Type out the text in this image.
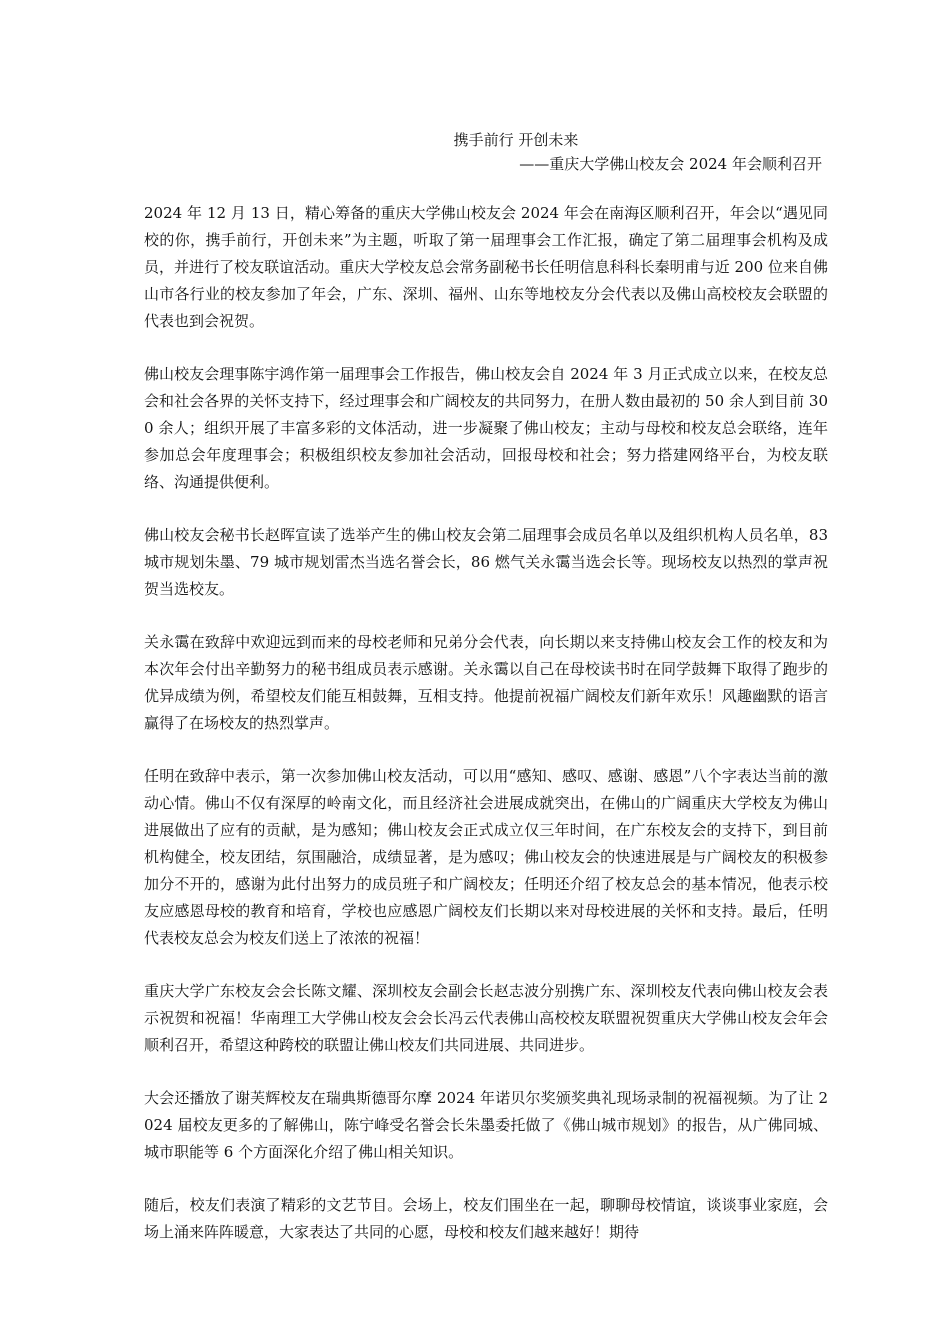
携手前行 开创未来
——重庆大学佛山校友会 2024 年会顺利召开

2024 年 12 月 13 日，精心筹备的重庆大学佛山校友会 2024 年会在南海区顺利召开，年会以“遇见同校的你，携手前行，开创未来”为主题，听取了第一届理事会工作汇报，确定了第二届理事会机构及成员，并进行了校友联谊活动。重庆大学校友总会常务副秘书长任明信息科科长秦明甫与近 200 位来自佛山市各行业的校友参加了年会，广东、深圳、福州、山东等地校友分会代表以及佛山高校校友会联盟的代表也到会祝贺。

佛山校友会理事陈宇鸿作第一届理事会工作报告，佛山校友会自 2024 年 3 月正式成立以来，在校友总会和社会各界的关怀支持下，经过理事会和广阔校友的共同努力，在册人数由最初的 50 余人到目前 300 余人；组织开展了丰富多彩的文体活动，进一步凝聚了佛山校友；主动与母校和校友总会联络，连年参加总会年度理事会；积极组织校友参加社会活动，回报母校和社会；努力搭建网络平台，为校友联络、沟通提供便利。

佛山校友会秘书长赵晖宣读了选举产生的佛山校友会第二届理事会成员名单以及组织机构人员名单，83 城市规划朱墨、79 城市规划雷杰当选名誉会长，86 燃气关永霭当选会长等。现场校友以热烈的掌声祝贺当选校友。

关永霭在致辞中欢迎远到而来的母校老师和兄弟分会代表，向长期以来支持佛山校友会工作的校友和为本次年会付出辛勤努力的秘书组成员表示感谢。关永霭以自己在母校读书时在同学鼓舞下取得了跑步的优异成绩为例，希望校友们能互相鼓舞，互相支持。他提前祝福广阔校友们新年欢乐！风趣幽默的语言赢得了在场校友的热烈掌声。

任明在致辞中表示，第一次参加佛山校友活动，可以用“感知、感叹、感谢、感恩”八个字表达当前的激动心情。佛山不仅有深厚的岭南文化，而且经济社会进展成就突出，在佛山的广阔重庆大学校友为佛山进展做出了应有的贡献，是为感知；佛山校友会正式成立仅三年时间，在广东校友会的支持下，到目前机构健全，校友团结，氛围融洽，成绩显著，是为感叹；佛山校友会的快速进展是与广阔校友的积极参加分不开的，感谢为此付出努力的成员班子和广阔校友；任明还介绍了校友总会的基本情况，他表示校友应感恩母校的教育和培育，学校也应感恩广阔校友们长期以来对母校进展的关怀和支持。最后，任明代表校友总会为校友们送上了浓浓的祝福！

重庆大学广东校友会会长陈文耀、深圳校友会副会长赵志波分别携广东、深圳校友代表向佛山校友会表示祝贺和祝福！华南理工大学佛山校友会会长冯云代表佛山高校校友联盟祝贺重庆大学佛山校友会年会顺利召开，希望这种跨校的联盟让佛山校友们共同进展、共同进步。

大会还播放了谢芙辉校友在瑞典斯德哥尔摩 2024 年诺贝尔奖颁奖典礼现场录制的祝福视频。为了让 2024 届校友更多的了解佛山，陈宁峰受名誉会长朱墨委托做了《佛山城市规划》的报告，从广佛同城、城市职能等 6 个方面深化介绍了佛山相关知识。

随后，校友们表演了精彩的文艺节目。会场上，校友们围坐在一起，聊聊母校情谊，谈谈事业家庭，会场上涌来阵阵暖意，大家表达了共同的心愿，母校和校友们越来越好！期待
